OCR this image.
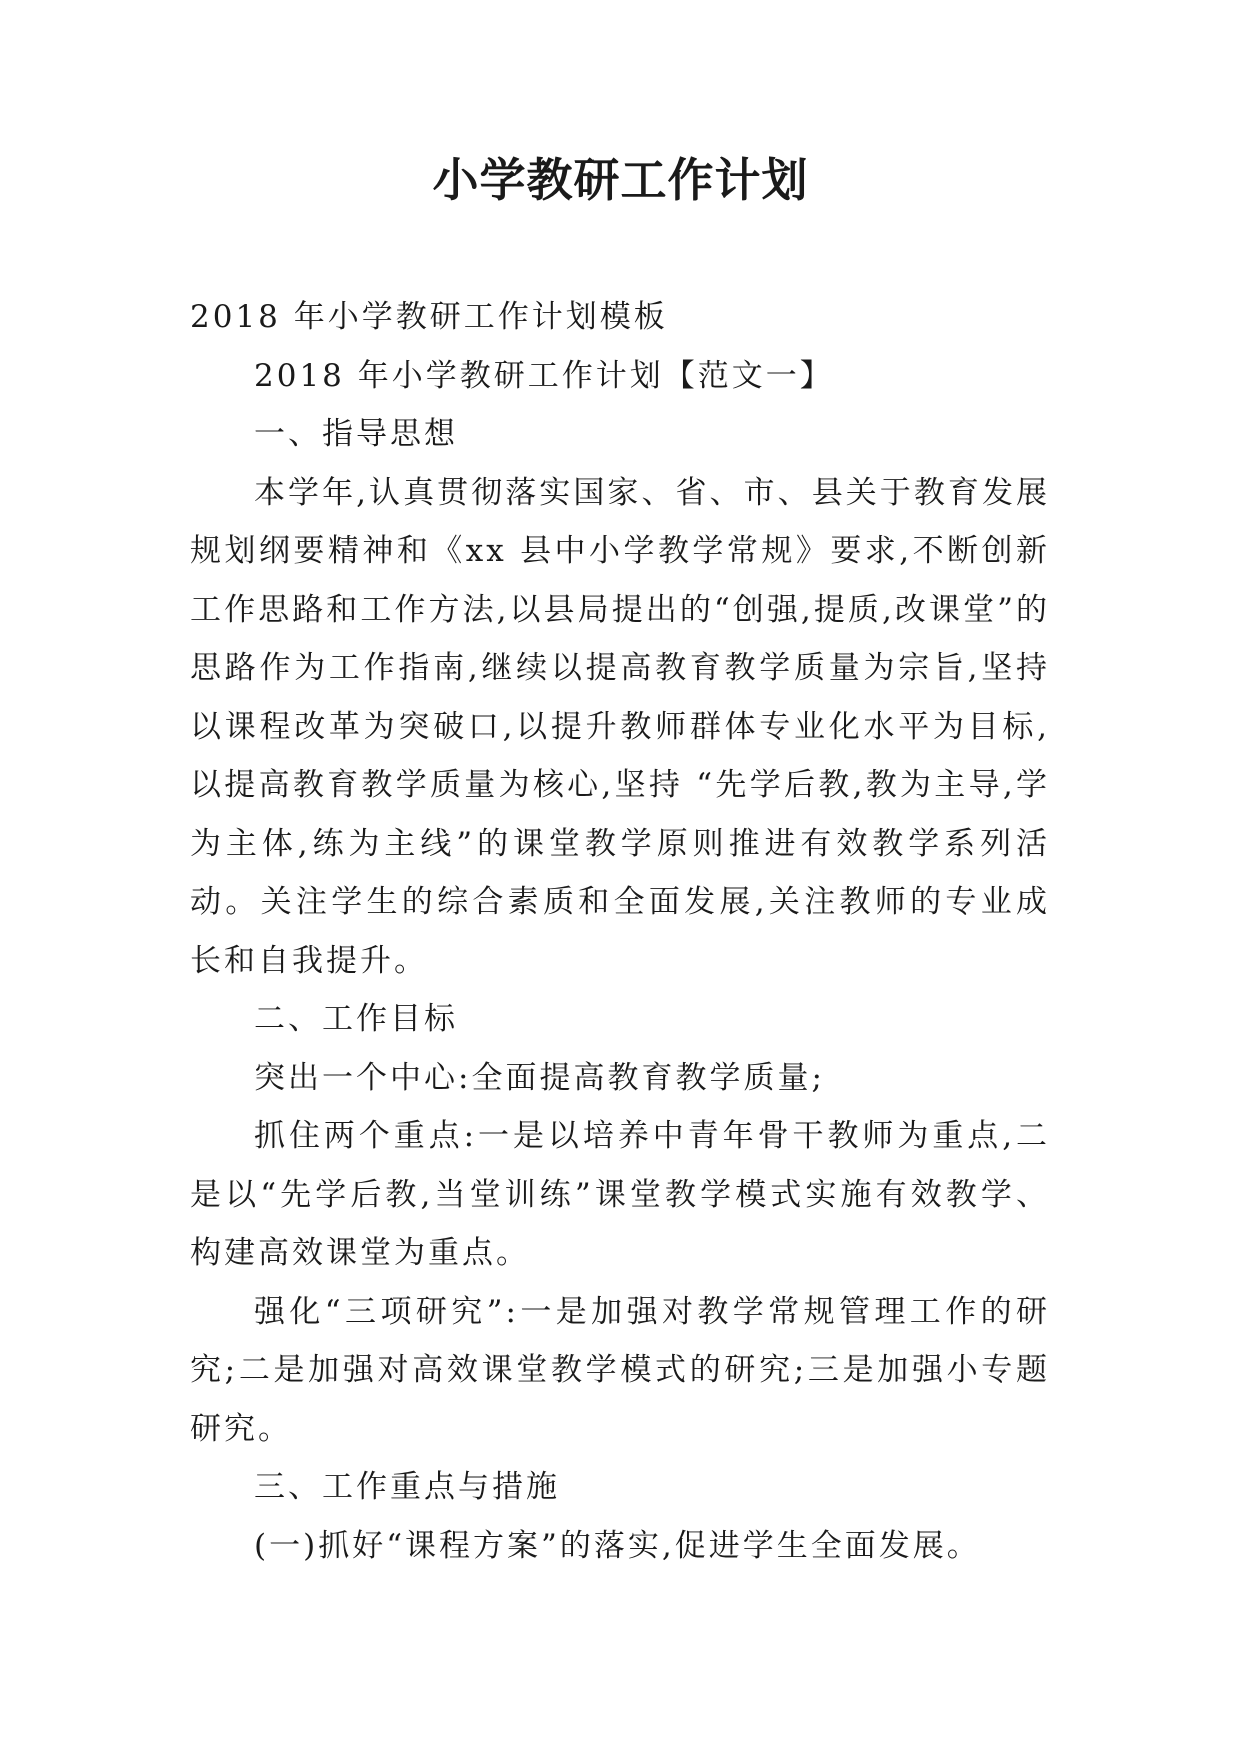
小学教研工作计划

2018 年小学教研工作计划模板

2018 年小学教研工作计划【范文一】

一、指导思想

本学年,认真贯彻落实国家、省、市、县关于教育发展规划纲要精神和《xx 县中小学教学常规》要求,不断创新工作思路和工作方法,以县局提出的“创强,提质,改课堂”的思路作为工作指南,继续以提高教育教学质量为宗旨,坚持以课程改革为突破口,以提升教师群体专业化水平为目标,以提高教育教学质量为核心,坚持 “先学后教,教为主导,学为主体,练为主线”的课堂教学原则推进有效教学系列活动。关注学生的综合素质和全面发展,关注教师的专业成长和自我提升。

二、工作目标

突出一个中心:全面提高教育教学质量;

抓住两个重点:一是以培养中青年骨干教师为重点,二是以“先学后教,当堂训练”课堂教学模式实施有效教学、构建高效课堂为重点。

强化“三项研究”:一是加强对教学常规管理工作的研究;二是加强对高效课堂教学模式的研究;三是加强小专题研究。

三、工作重点与措施

(一)抓好“课程方案”的落实,促进学生全面发展。
